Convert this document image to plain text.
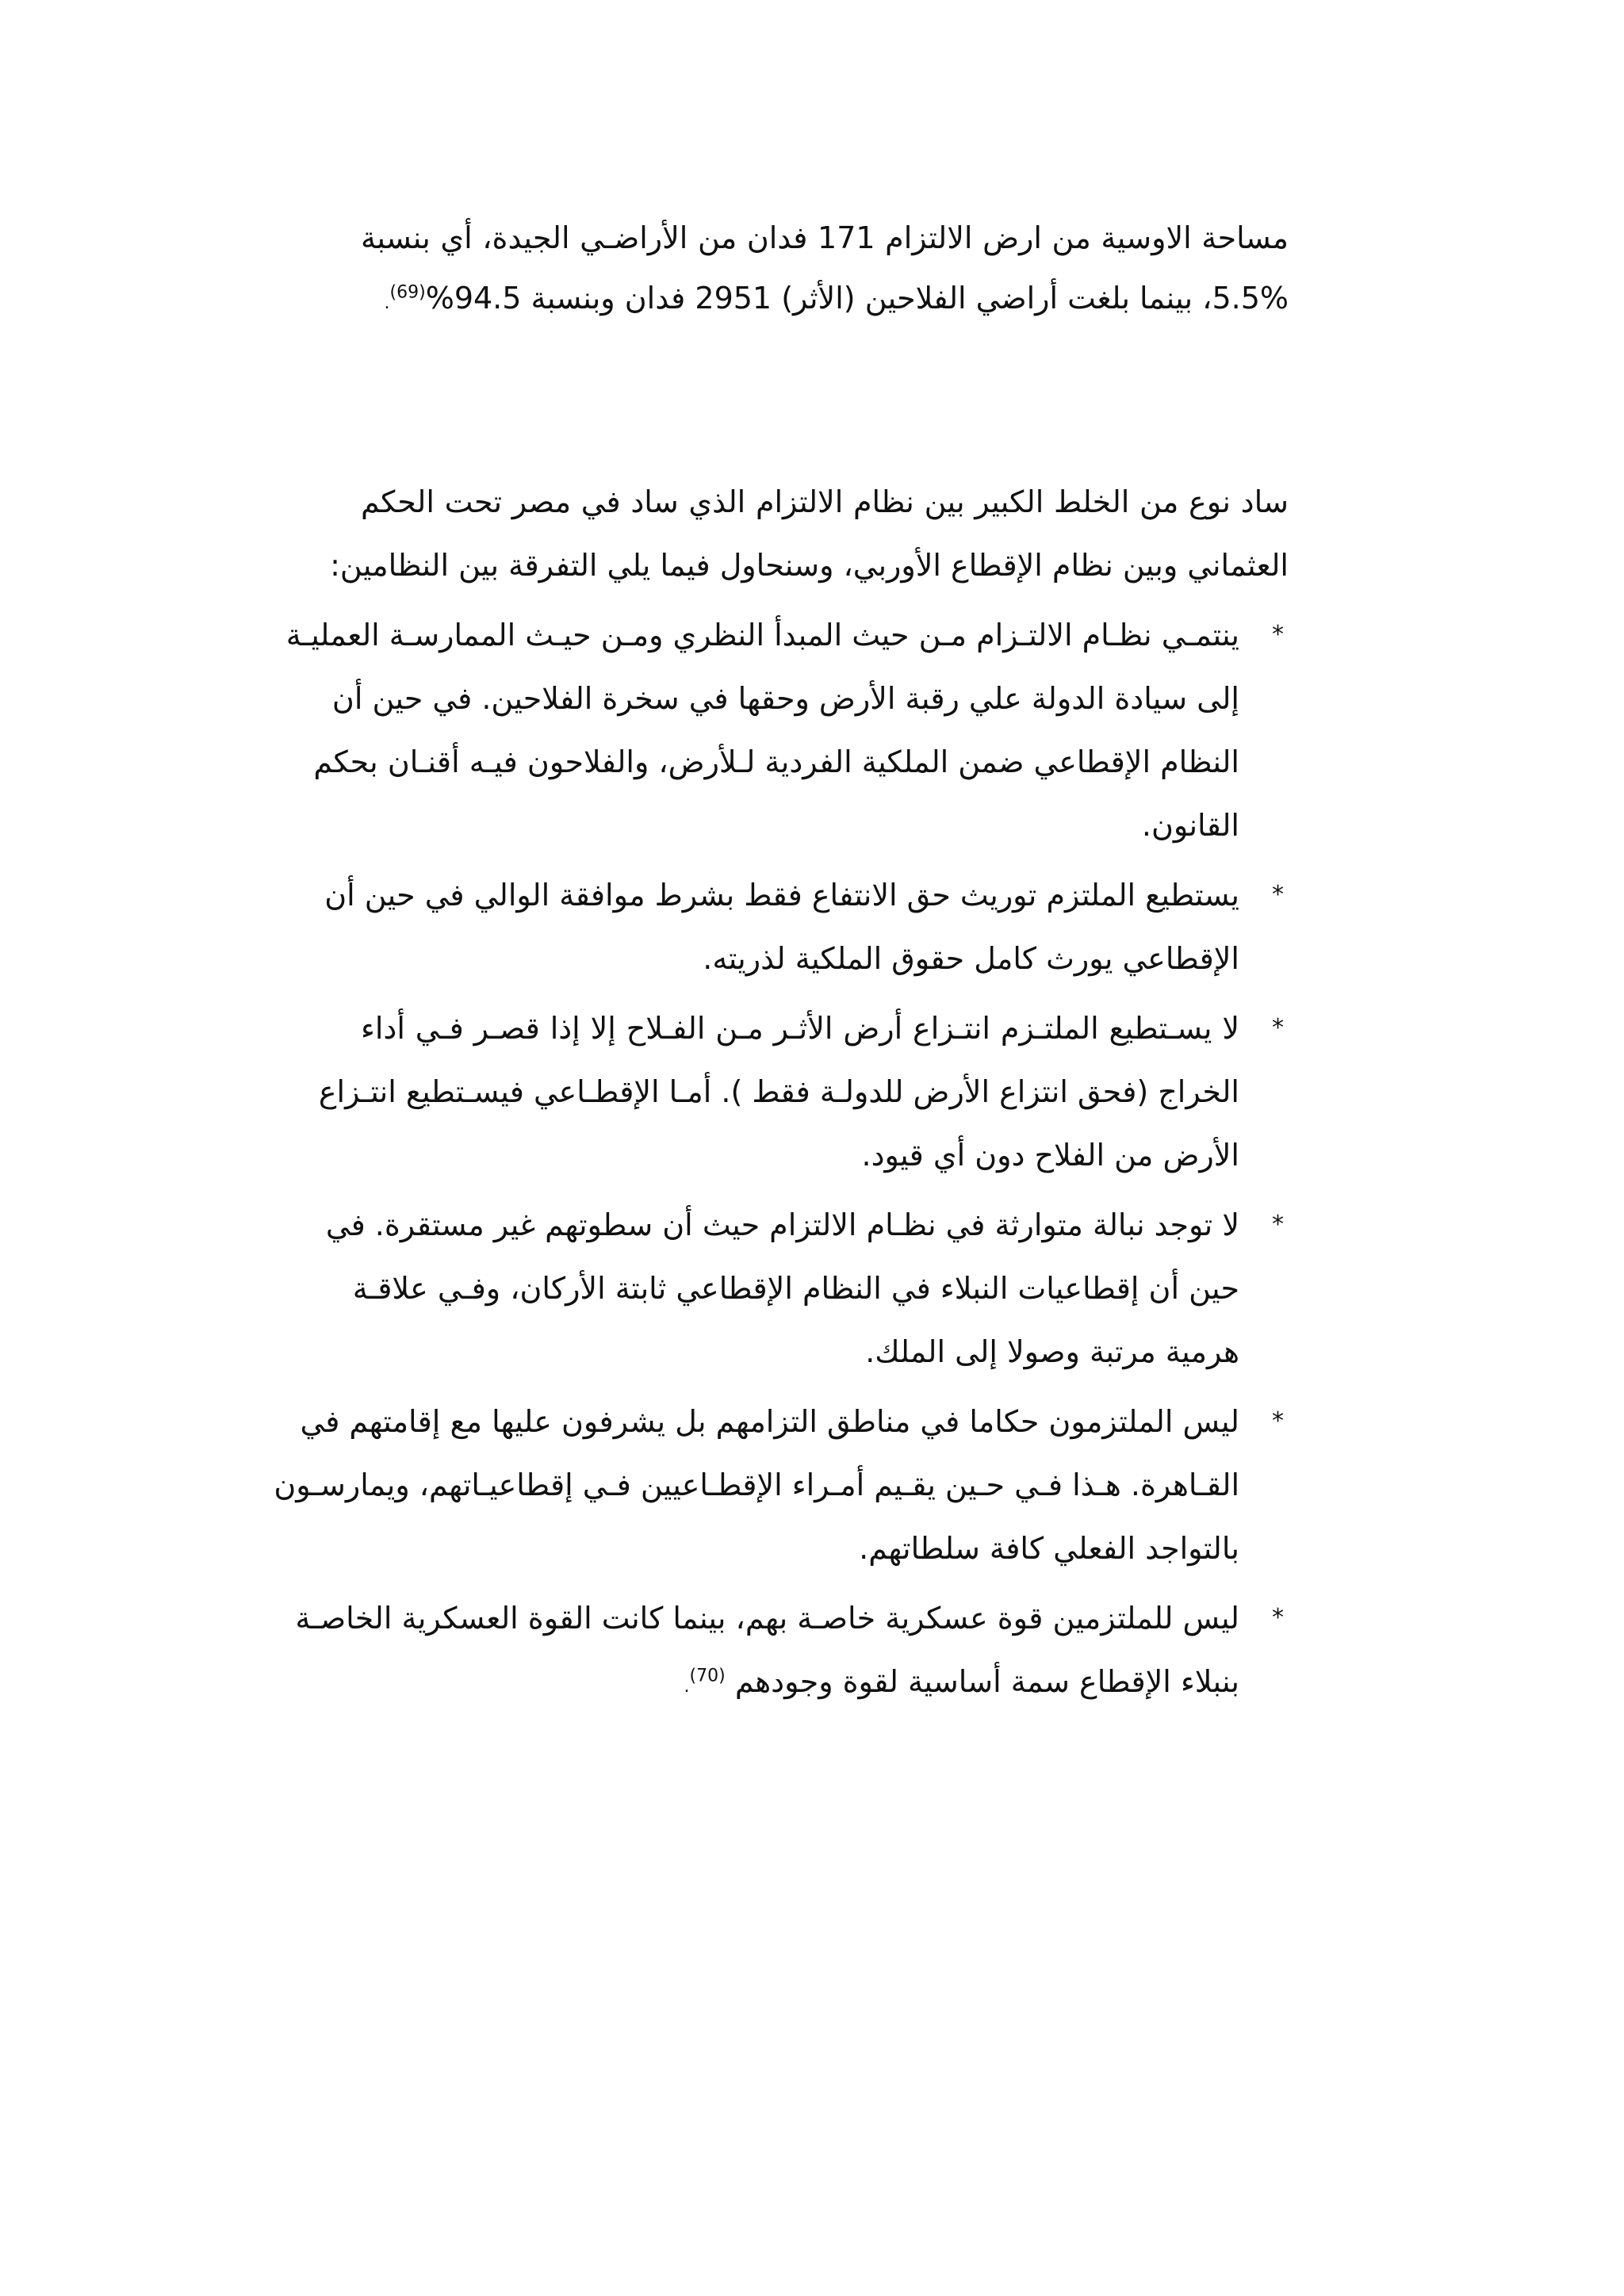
مساحة الاوسية من ارض الالتزام 171 فدان من الأراضـي الجيدة، أي بنسبة
5.5%، بينما بلغت أراضي الفلاحين (الأثر) 2951 فدان وبنسبة 94.5%$^{(69)}$.
ساد نوع من الخلط الكبير بين نظام الالتزام الذي ساد في مصر تحت الحكم
العثماني وبين نظام الإقطاع الأوربي، وسنحاول فيما يلي التفرقة بين النظامين:
*
ينتمـي نظـام الالتـزام مـن حيث المبدأ النظري ومـن حيـث الممارسـة العمليـة
إلى سيادة الدولة علي رقبة الأرض وحقها في سخرة الفلاحين. في حين أن
النظام الإقطاعي ضمن الملكية الفردية لـلأرض، والفلاحون فيـه أقنـان بحكم
القانون.
*
يستطيع الملتزم توريث حق الانتفاع فقط بشرط موافقة الوالي في حين أن
الإقطاعي يورث كامل حقوق الملكية لذريته.
*
لا يسـتطيع الملتـزم انتـزاع أرض الأثـر مـن الفـلاح إلا إذا قصـر فـي أداء
الخراج (فحق انتزاع الأرض للدولـة فقط ). أمـا الإقطـاعي فيسـتطيع انتـزاع
الأرض من الفلاح دون أي قيود.
*
لا توجد نبالة متوارثة في نظـام الالتزام حيث أن سطوتهم غير مستقرة. في
حين أن إقطاعيات النبلاء في النظام الإقطاعي ثابتة الأركان، وفـي علاقـة
هرمية مرتبة وصولا إلى الملك.
*
ليس الملتزمون حكاما في مناطق التزامهم بل يشرفون عليها مع إقامتهم في
القـاهرة. هـذا فـي حـين يقـيم أمـراء الإقطـاعيين فـي إقطاعيـاتهم، ويمارسـون
بالتواجد الفعلي كافة سلطاتهم.
*
ليس للملتزمين قوة عسكرية خاصـة بهم، بينما كانت القوة العسكرية الخاصـة
بنبلاء الإقطاع سمة أساسية لقوة وجودهم $^{(70)}$.
